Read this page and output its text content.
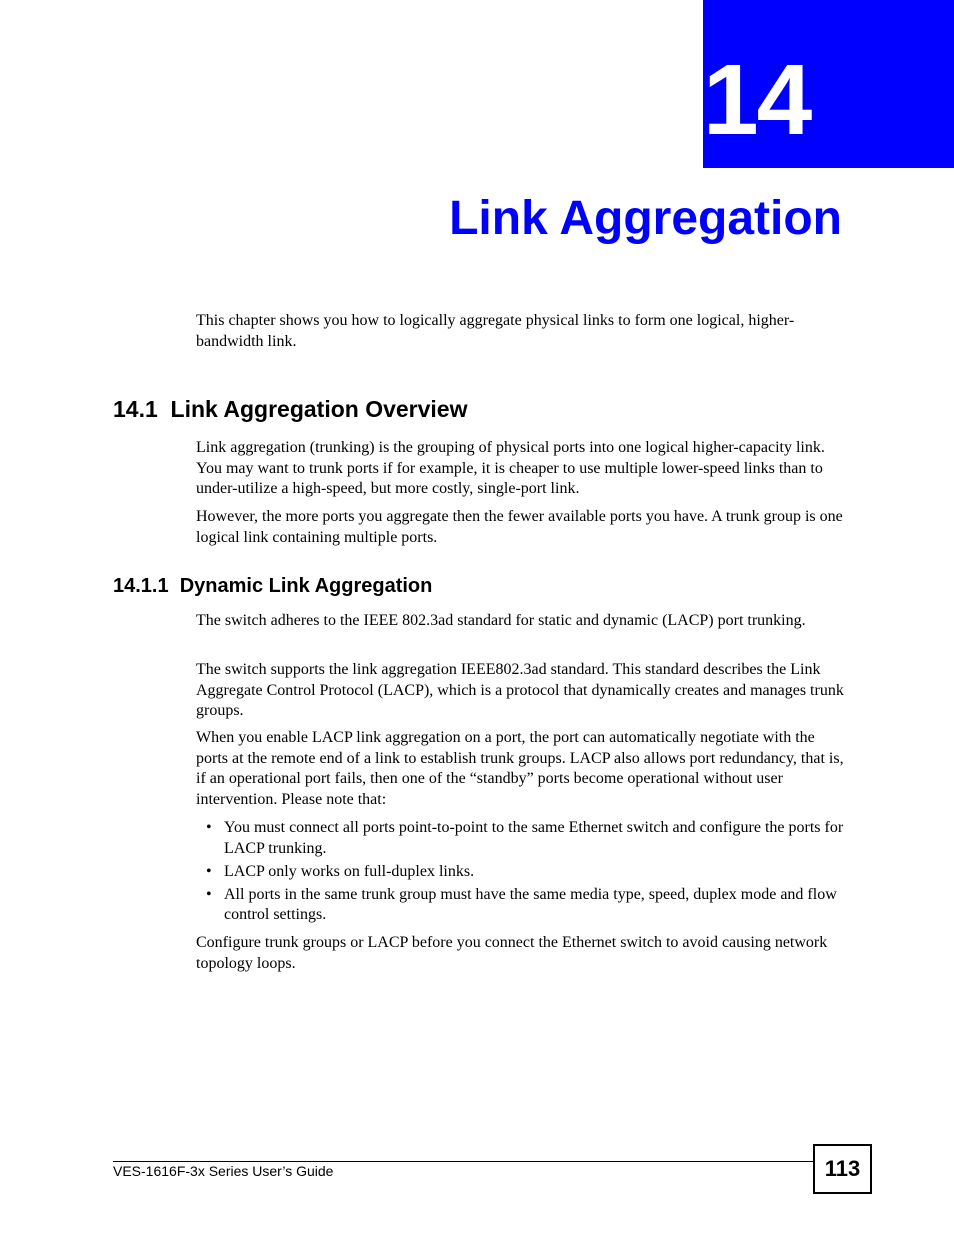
14
Link Aggregation

This chapter shows you how to logically aggregate physical links to form one logical, higher-bandwidth link.

14.1  Link Aggregation Overview

Link aggregation (trunking) is the grouping of physical ports into one logical higher-capacity link. You may want to trunk ports if for example, it is cheaper to use multiple lower-speed links than to under-utilize a high-speed, but more costly, single-port link.

However, the more ports you aggregate then the fewer available ports you have. A trunk group is one logical link containing multiple ports.

14.1.1  Dynamic Link Aggregation

The switch adheres to the IEEE 802.3ad standard for static and dynamic (LACP) port trunking.

The switch supports the link aggregation IEEE802.3ad standard. This standard describes the Link Aggregate Control Protocol (LACP), which is a protocol that dynamically creates and manages trunk groups.

When you enable LACP link aggregation on a port, the port can automatically negotiate with the ports at the remote end of a link to establish trunk groups. LACP also allows port redundancy, that is, if an operational port fails, then one of the “standby” ports become operational without user intervention. Please note that:

• You must connect all ports point-to-point to the same Ethernet switch and configure the ports for LACP trunking.
• LACP only works on full-duplex links.
• All ports in the same trunk group must have the same media type, speed, duplex mode and flow control settings.

Configure trunk groups or LACP before you connect the Ethernet switch to avoid causing network topology loops.

VES-1616F-3x Series User’s Guide	113
